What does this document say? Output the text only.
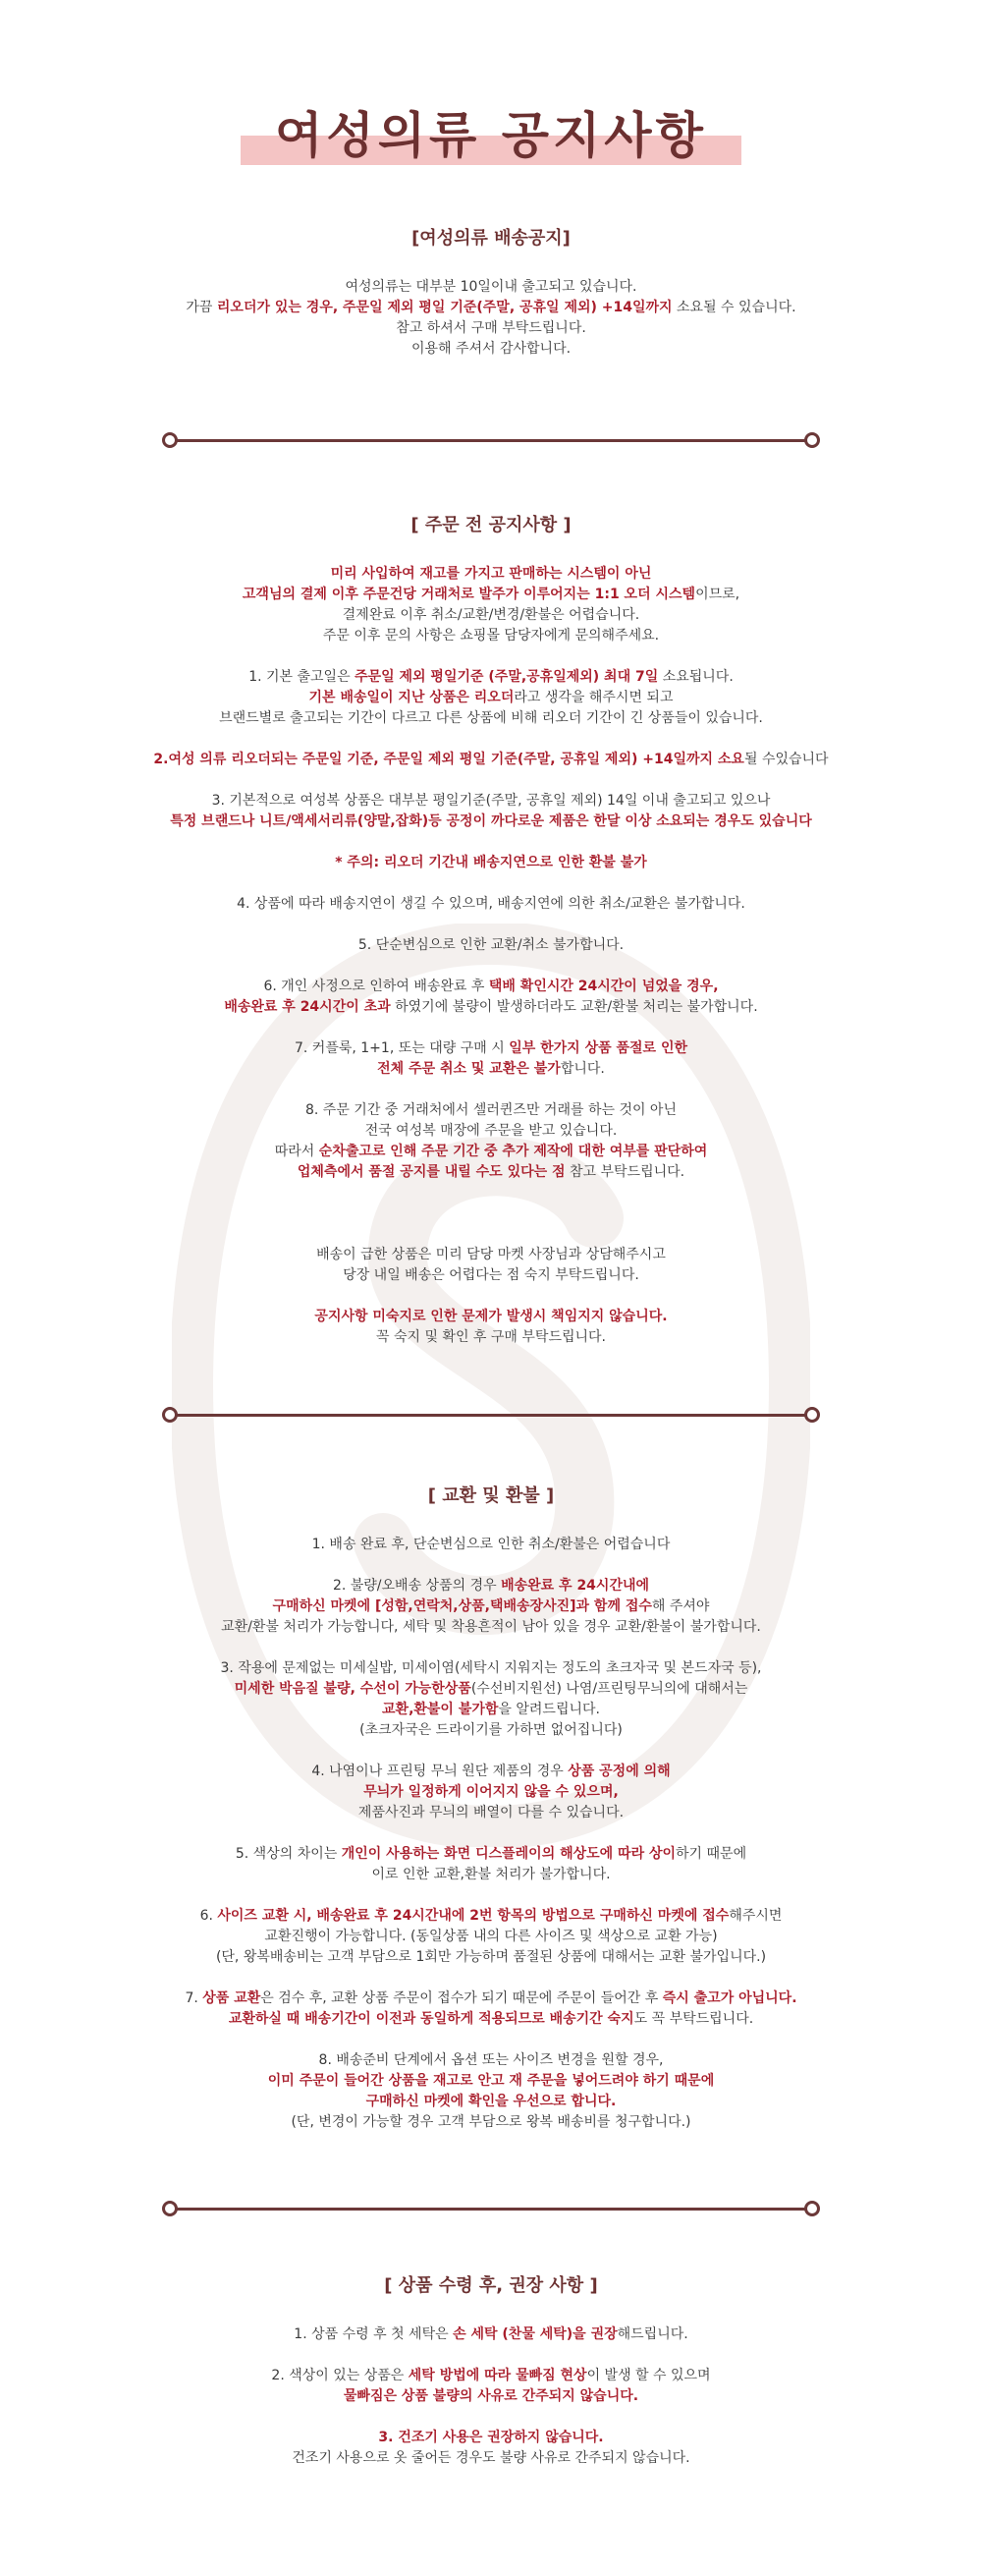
여성의류 공지사항
[여성의류 배송공지]
여성의류는 대부분 10일이내 출고되고 있습니다.
가끔 리오더가 있는 경우, 주문일 제외 평일 기준(주말, 공휴일 제외) +14일까지 소요될 수 있습니다.
참고 하셔서 구매 부탁드립니다.
이용해 주셔서 감사합니다.
[ 주문 전 공지사항 ]
미리 사입하여 재고를 가지고 판매하는 시스템이 아닌
고객님의 결제 이후 주문건당 거래처로 발주가 이루어지는 1:1 오더 시스템이므로,
결제완료 이후 취소/교환/변경/환불은 어렵습니다.
주문 이후 문의 사항은 쇼핑몰 담당자에게 문의해주세요.
1. 기본 출고일은 주문일 제외 평일기준 (주말,공휴일제외) 최대 7일 소요됩니다.
기본 배송일이 지난 상품은 리오더라고 생각을 해주시면 되고
브랜드별로 출고되는 기간이 다르고 다른 상품에 비해 리오더 기간이 긴 상품들이 있습니다.
2.여성 의류 리오더되는 주문일 기준, 주문일 제외 평일 기준(주말, 공휴일 제외) +14일까지 소요될 수있습니다
3. 기본적으로 여성복 상품은 대부분 평일기준(주말, 공휴일 제외) 14일 이내 출고되고 있으나
특정 브랜드나 니트/액세서리류(양말,잡화)등 공정이 까다로운 제품은 한달 이상 소요되는 경우도 있습니다
* 주의: 리오더 기간내 배송지연으로 인한 환불 불가
4. 상품에 따라 배송지연이 생길 수 있으며, 배송지연에 의한 취소/교환은 불가합니다.
5. 단순변심으로 인한 교환/취소 불가합니다.
6. 개인 사정으로 인하여 배송완료 후 택배 확인시간 24시간이 넘었을 경우,
배송완료 후 24시간이 초과 하였기에 불량이 발생하더라도 교환/환불 처리는 불가합니다.
7. 커플룩, 1+1, 또는 대량 구매 시 일부 한가지 상품 품절로 인한
전체 주문 취소 및 교환은 불가합니다.
8. 주문 기간 중 거래처에서 셀러퀸즈만 거래를 하는 것이 아닌
전국 여성복 매장에 주문을 받고 있습니다.
따라서 순차출고로 인해 주문 기간 중 추가 제작에 대한 여부를 판단하여
업체측에서 품절 공지를 내릴 수도 있다는 점 참고 부탁드립니다.

배송이 급한 상품은 미리 담당 마켓 사장님과 상담해주시고
당장 내일 배송은 어렵다는 점 숙지 부탁드립니다.
공지사항 미숙지로 인한 문제가 발생시 책임지지 않습니다.
꼭 숙지 및 확인 후 구매 부탁드립니다.
[ 교환 및 환불 ]
1. 배송 완료 후, 단순변심으로 인한 취소/환불은 어렵습니다
2. 불량/오배송 상품의 경우 배송완료 후 24시간내에
구매하신 마켓에 [성함,연락처,상품,택배송장사진]과 함께 접수해 주셔야
교환/환불 처리가 가능합니다, 세탁 및 착용흔적이 남아 있을 경우 교환/환불이 불가합니다.
3. 작용에 문제없는 미세실밥, 미세이염(세탁시 지워지는 정도의 초크자국 및 본드자국 등),
미세한 박음질 불량, 수선이 가능한상품(수선비지원선) 나염/프린팅무늬의에 대해서는
교환,환불이 불가함을 알려드립니다.
(초크자국은 드라이기를 가하면 없어집니다)
4. 나염이나 프린팅 무늬 원단 제품의 경우 상품 공정에 의해
무늬가 일정하게 이어지지 않을 수 있으며,
제품사진과 무늬의 배열이 다를 수 있습니다.
5. 색상의 차이는 개인이 사용하는 화면 디스플레이의 해상도에 따라 상이하기 때문에
이로 인한 교환,환불 처리가 불가합니다.
6. 사이즈 교환 시, 배송완료 후 24시간내에 2번 항목의 방법으로 구매하신 마켓에 접수해주시면
교환진행이 가능합니다. (동일상품 내의 다른 사이즈 및 색상으로 교환 가능)
(단, 왕복배송비는 고객 부담으로 1회만 가능하며 품절된 상품에 대해서는 교환 불가입니다.)
7. 상품 교환은 검수 후, 교환 상품 주문이 접수가 되기 때문에 주문이 들어간 후 즉시 출고가 아닙니다.
교환하실 때 배송기간이 이전과 동일하게 적용되므로 배송기간 숙지도 꼭 부탁드립니다.
8. 배송준비 단계에서 옵션 또는 사이즈 변경을 원할 경우,
이미 주문이 들어간 상품을 재고로 안고 재 주문을 넣어드려야 하기 때문에
구매하신 마켓에 확인을 우선으로 합니다.
(단, 변경이 가능할 경우 고객 부담으로 왕복 배송비를 청구합니다.)
[ 상품 수령 후, 권장 사항 ]
1. 상품 수령 후 첫 세탁은 손 세탁 (찬물 세탁)을 권장해드립니다.
2. 색상이 있는 상품은 세탁 방법에 따라 물빠짐 현상이 발생 할 수 있으며
물빠짐은 상품 불량의 사유로 간주되지 않습니다.
3. 건조기 사용은 권장하지 않습니다.
건조기 사용으로 옷 줄어든 경우도 불량 사유로 간주되지 않습니다.
